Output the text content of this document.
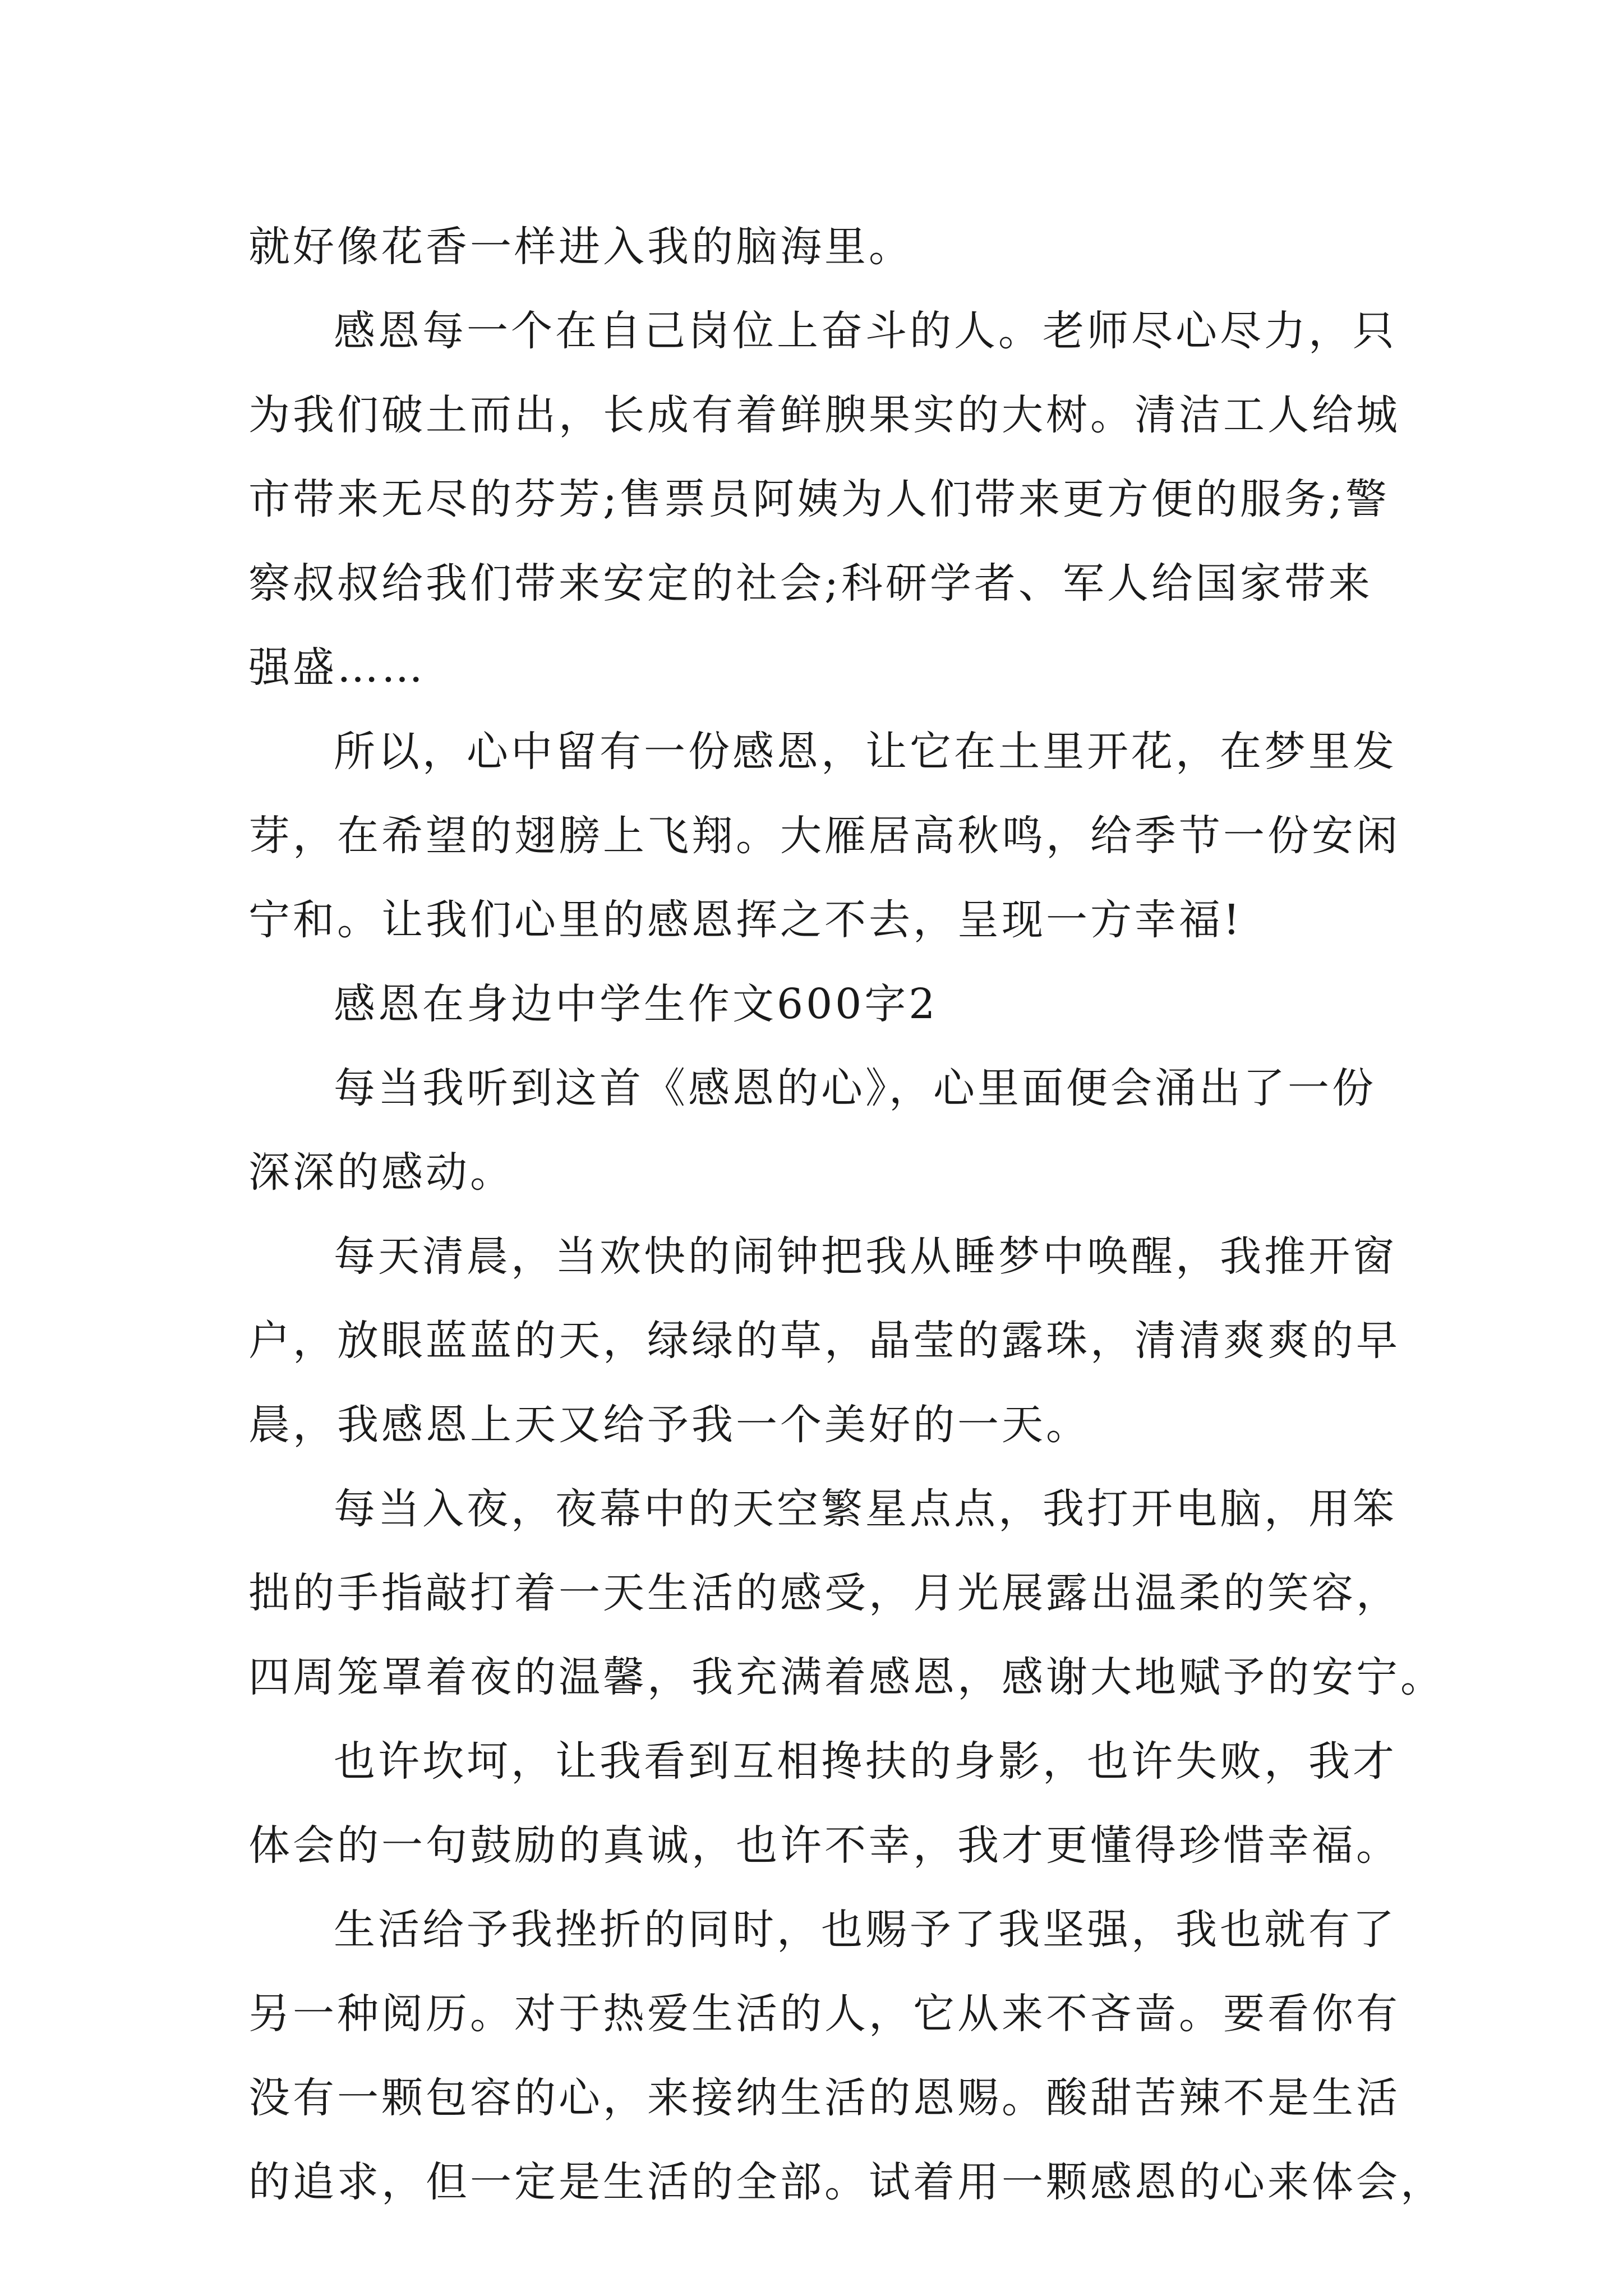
就好像花香一样进入我的脑海里。
感恩每一个在自己岗位上奋斗的人。老师尽心尽力，只
为我们破土而出，长成有着鲜腴果实的大树。清洁工人给城
市带来无尽的芬芳;售票员阿姨为人们带来更方便的服务;警
察叔叔给我们带来安定的社会;科研学者、军人给国家带来
强盛……
所以，心中留有一份感恩，让它在土里开花，在梦里发
芽，在希望的翅膀上飞翔。大雁居高秋鸣，给季节一份安闲
宁和。让我们心里的感恩挥之不去，呈现一方幸福!
感恩在身边中学生作文600字2
每当我听到这首《感恩的心》，心里面便会涌出了一份
深深的感动。
每天清晨，当欢快的闹钟把我从睡梦中唤醒，我推开窗
户，放眼蓝蓝的天，绿绿的草，晶莹的露珠，清清爽爽的早
晨，我感恩上天又给予我一个美好的一天。
每当入夜，夜幕中的天空繁星点点，我打开电脑，用笨
拙的手指敲打着一天生活的感受，月光展露出温柔的笑容，
四周笼罩着夜的温馨，我充满着感恩，感谢大地赋予的安宁。
也许坎坷，让我看到互相搀扶的身影，也许失败，我才
体会的一句鼓励的真诚，也许不幸，我才更懂得珍惜幸福。
生活给予我挫折的同时，也赐予了我坚强，我也就有了
另一种阅历。对于热爱生活的人，它从来不吝啬。要看你有
没有一颗包容的心，来接纳生活的恩赐。酸甜苦辣不是生活
的追求，但一定是生活的全部。试着用一颗感恩的心来体会，
